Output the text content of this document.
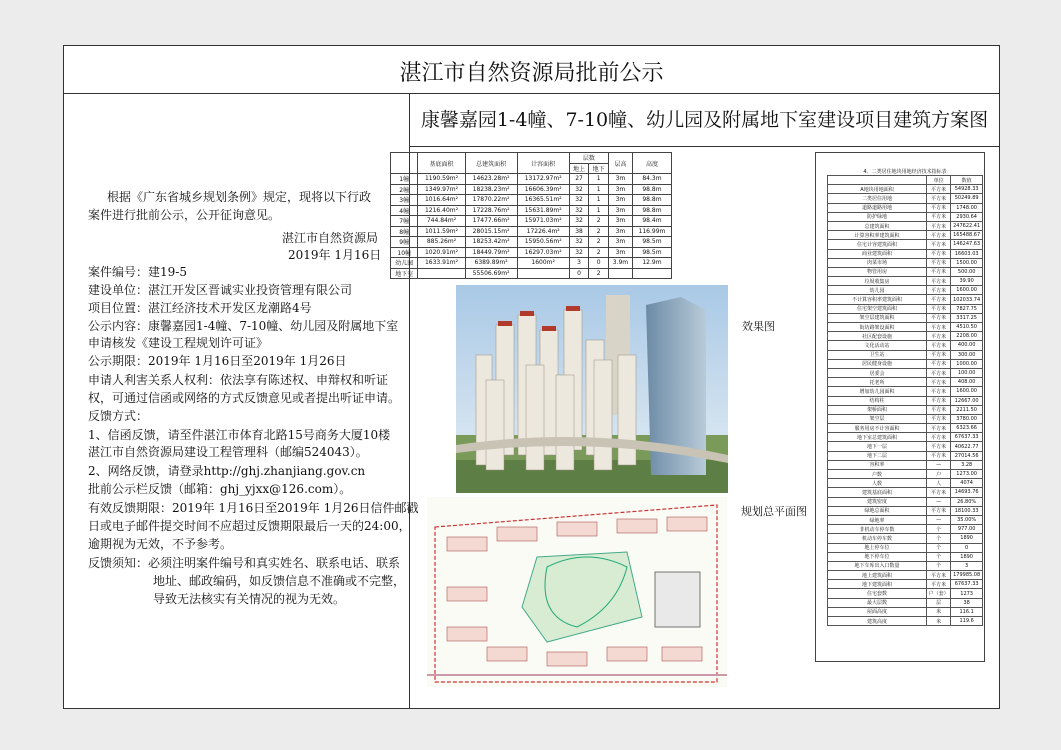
湛江市自然资源局批前公示
康馨嘉园1-4幢、7-10幢、幼儿园及附属地下室建设项目建筑方案图
根据《广东省城乡规划条例》规定，现将以下行政
案件进行批前公示，公开征询意见。
湛江市自然资源局
2019年 1月16日
案件编号：建19-5
建设单位：湛江开发区晋诚实业投资管理有限公司
项目位置：湛江经济技术开发区龙潮路4号
公示内容：康馨嘉园1-4幢、7-10幢、幼儿园及附属地下室
申请核发《建设工程规划许可证》
公示期限：2019年 1月16日至2019年 1月26日
申请人利害关系人权利：依法享有陈述权、申辩权和听证
权，可通过信函或网络的方式反馈意见或者提出听证申请。
反馈方式：
1、信函反馈，请至件湛江市体育北路15号商务大厦10楼
湛江市自然资源局建设工程管理科（邮编524043）。
2、网络反馈，请登录http://ghj.zhanjiang.gov.cn
批前公示栏反馈（邮箱：ghj_yjxx@126.com）。
有效反馈期限：2019年 1月16日至2019年 1月26日信件邮戳
日或电子邮件提交时间不应超过反馈期限最后一天的24:00，
逾期视为无效，不予参考。
反馈须知：必须注明案件编号和真实姓名、联系电话、联系
地址、邮政编码，如反馈信息不准确或不完整，
导致无法核实有关情况的视为无效。
	基底面积	总建筑面积	计容面积	层数		层高	高度
				地上	地下		
1幢	1190.59m²	14623.28m²	13172.97m²	27	1	3m	84.3m
2幢	1349.97m²	18238.23m²	16606.39m²	32	1	3m	98.8m
3幢	1016.64m²	17870.22m²	16365.51m²	32	1	3m	98.8m
4幢	1216.40m²	17228.76m²	15631.89m²	32	1	3m	98.8m
7幢	744.84m²	17477.66m²	15971.03m²	32	2	3m	98.4m
8幢	1011.59m²	28015.15m²	17226.4m²	38	2	3m	116.99m
9幢	885.26m²	18253.42m²	15950.56m²	32	2	3m	98.5m
10幢	1020.91m²	18449.79m²	16297.03m²	32	2	3m	98.5m
幼儿园	1633.91m²	6389.89m²	1600m²	3	0	3.9m	12.9m
地下室		55506.69m²		0	2		
4、二类居住地块用地经济技术指标表
	单位	数值
A地块用地面积	平方米	54928.33
二类居住用地	平方米	50249.89
道路道路用地	平方米	1748.00
防护绿地	平方米	2930.64
总建筑面积	平方米	247622.41
计算容积率建筑面积	平方米	165488.67
住宅计容建筑面积	平方米	146247.63
商业建筑面积	平方米	16603.03
肉菜市场	平方米	1500.00
物管用房	平方米	500.00
垃圾收集房	平方米	39.90
幼儿园	平方米	1600.00
不计算容积率建筑面积	平方米	102033.74
住宅架空建筑面积	平方米	7827.75
架空层建筑面积	平方米	3317.25
街坊路架设面积	平方米	4510.50
社区配套设施	平方米	2208.00
文化活动站	平方米	400.00
卫生站	平方米	300.00
居民健身设施	平方米	1000.00
居委会	平方米	100.00
托老所	平方米	408.00
增加幼儿园面积	平方米	1600.00
结构柱	平方米	12667.00
架桥面积	平方米	2211.50
架空层	平方米	3780.00
服务用房不计容面积	平方米	6323.66
地下室总建筑面积	平方米	67637.33
地下一层	平方米	40622.77
地下二层	平方米	27014.56
容积率	—	3.28
户数	户	1273.00
人数	人	4074
建筑基底面积	平方米	14693.76
建筑密度	—	26.80%
绿地总面积	平方米	18100.33
绿地率	—	35.00%
非机动车停车数	个	977.00
机动车停车数	个	1890
地上停车位	个	0
地下停车位	个	1890
地下车库出入口数量	个	3
地上建筑面积	平方米	179985.08
地下建筑面积	平方米	67637.33
住宅套数	户（套）	1273
最大层数	层	38
屋面高度	米	116.1
建筑高度	米	119.6
效果图
规划总平面图
